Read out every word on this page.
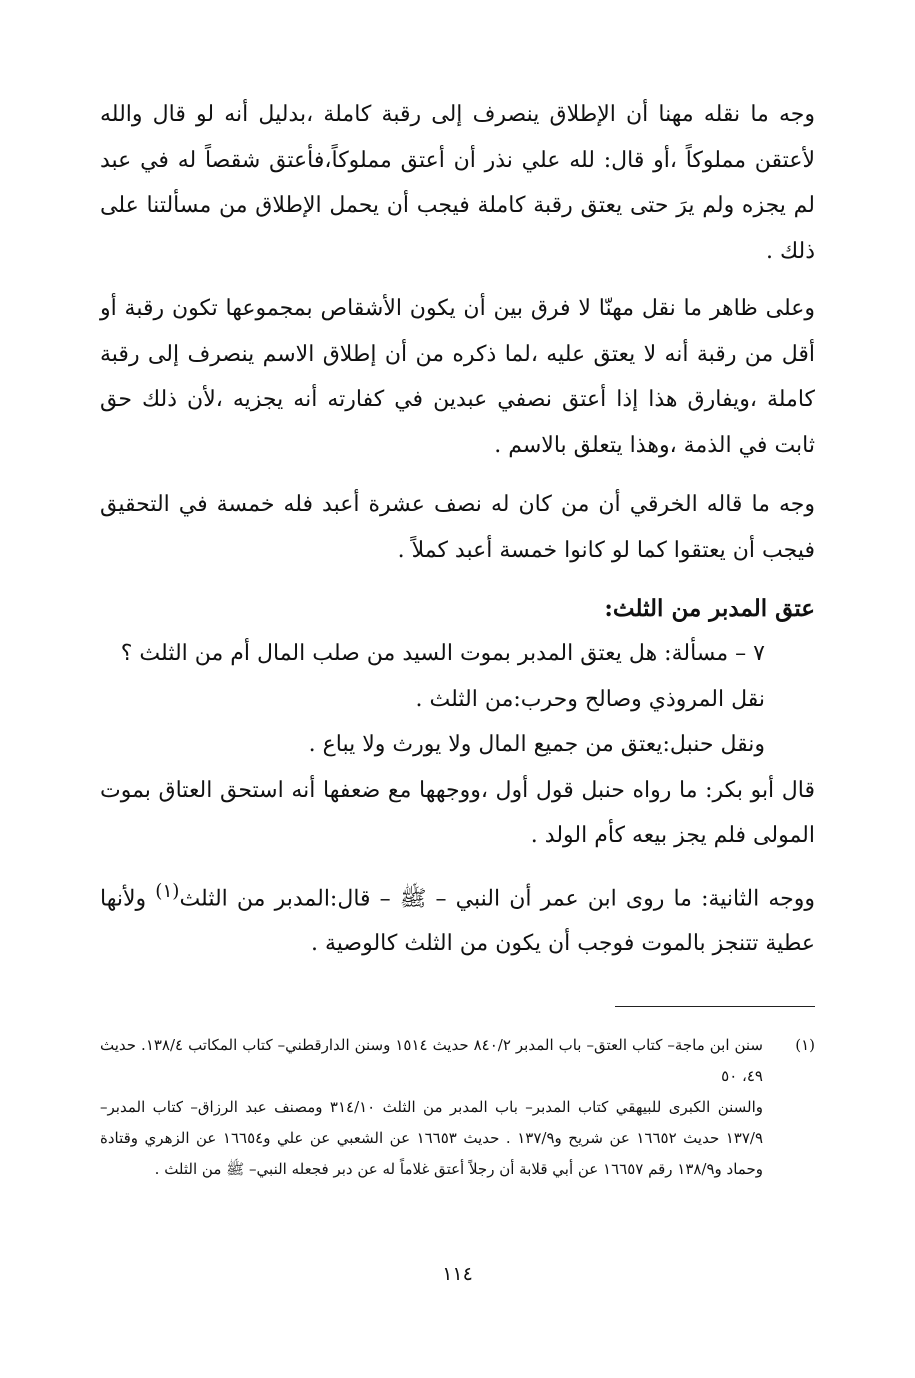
وجه ما نقله مهنا أن الإطلاق ينصرف إلى رقبة كاملة ،بدليل أنه لو قال والله لأعتقن مملوكاً ،أو قال: لله علي نذر أن أعتق مملوكاً،فأعتق شقصاً له في عبد لم يجزه ولم يرَ حتى يعتق رقبة كاملة فيجب أن يحمل الإطلاق من مسألتنا على ذلك .

وعلى ظاهر ما نقل مهنّا لا فرق بين أن يكون الأشقاص بمجموعها تكون رقبة أو أقل من رقبة أنه لا يعتق عليه ،لما ذكره من أن إطلاق الاسم ينصرف إلى رقبة كاملة ،ويفارق هذا إذا أعتق نصفي عبدين في كفارته أنه يجزيه ،لأن ذلك حق ثابت في الذمة ،وهذا يتعلق بالاسم .

وجه ما قاله الخرقي أن من كان له نصف عشرة أعبد فله خمسة في التحقيق فيجب أن يعتقوا كما لو كانوا خمسة أعبد كملاً .

عتق المدبر من الثلث:

٧ – مسألة: هل يعتق المدبر بموت السيد من صلب المال أم من الثلث ؟

نقل المروذي وصالح وحرب:من الثلث .

ونقل حنبل:يعتق من جميع المال ولا يورث ولا يباع .

قال أبو بكر: ما رواه حنبل قول أول ،ووجهها مع ضعفها أنه استحق العتاق بموت المولى فلم يجز بيعه كأم الولد .

ووجه الثانية: ما روى ابن عمر أن النبي – ﷺ – قال:المدبر من الثلث$^{(١)}$ ولأنها عطية تتنجز بالموت فوجب أن يكون من الثلث كالوصية .

(١)
سنن ابن ماجة– كتاب العتق– باب المدبر ٨٤٠/٢ حديث ١٥١٤ وسنن الدارقطني– كتاب المكاتب ١٣٨/٤. حديث ٤٩، ٥٠
والسنن الكبرى للبيهقي كتاب المدبر– باب المدبر من الثلث ٣١٤/١٠ ومصنف عبد الرزاق– كتاب المدبر– ١٣٧/٩ حديث ١٦٦٥٢ عن شريح و١٣٧/٩ . حديث ١٦٦٥٣ عن الشعبي عن علي و١٦٦٥٤ عن الزهري وقتادة وحماد و١٣٨/٩ رقم ١٦٦٥٧ عن أبي قلابة أن رجلاً أعتق غلاماً له عن دبر فجعله النبي– ﷺ من الثلث .
١١٤
